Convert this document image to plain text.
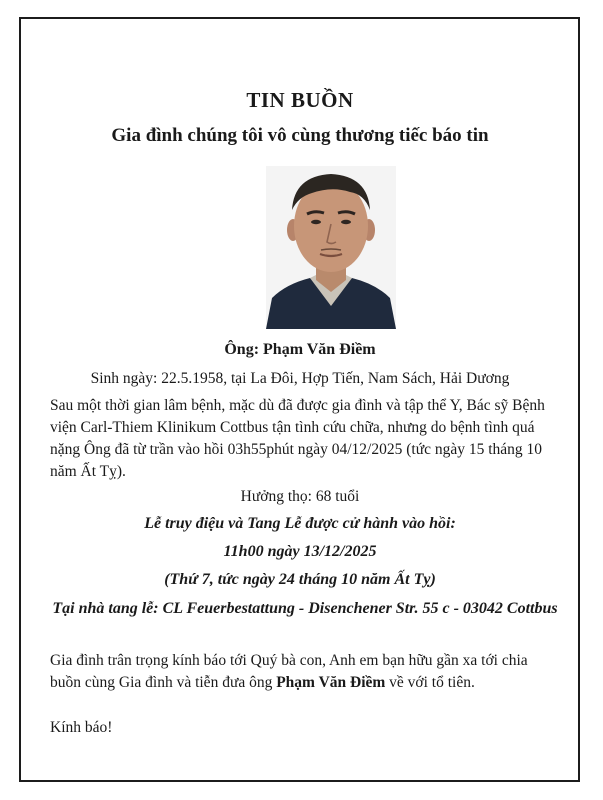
TIN BUỒN
Gia đình chúng tôi vô cùng thương tiếc báo tin
Ông: Phạm Văn Điềm
Sinh ngày: 22.5.1958, tại La Đôi, Hợp Tiến, Nam Sách, Hải Dương
Sau một thời gian lâm bệnh, mặc dù đã được gia đình và tập thể Y, Bác sỹ Bệnh viện Carl-Thiem Klinikum Cottbus tận tình cứu chữa, nhưng do bệnh tình quá nặng Ông đã từ trần vào hồi 03h55phút ngày 04/12/2025 (tức ngày 15 tháng 10 năm Ất Tỵ).
Hưởng thọ: 68 tuổi
Lễ truy điệu và Tang Lễ được cử hành vào hồi:
11h00 ngày 13/12/2025
(Thứ 7, tức ngày 24 tháng 10 năm Ất Tỵ)
Tại nhà tang lễ: CL Feuerbestattung - Disenchener Str. 55 c - 03042 Cottbus
Gia đình trân trọng kính báo tới Quý bà con, Anh em bạn hữu gần xa tới chia buồn cùng Gia đình và tiễn đưa ông Phạm Văn Điềm về với tổ tiên.
Kính báo!
